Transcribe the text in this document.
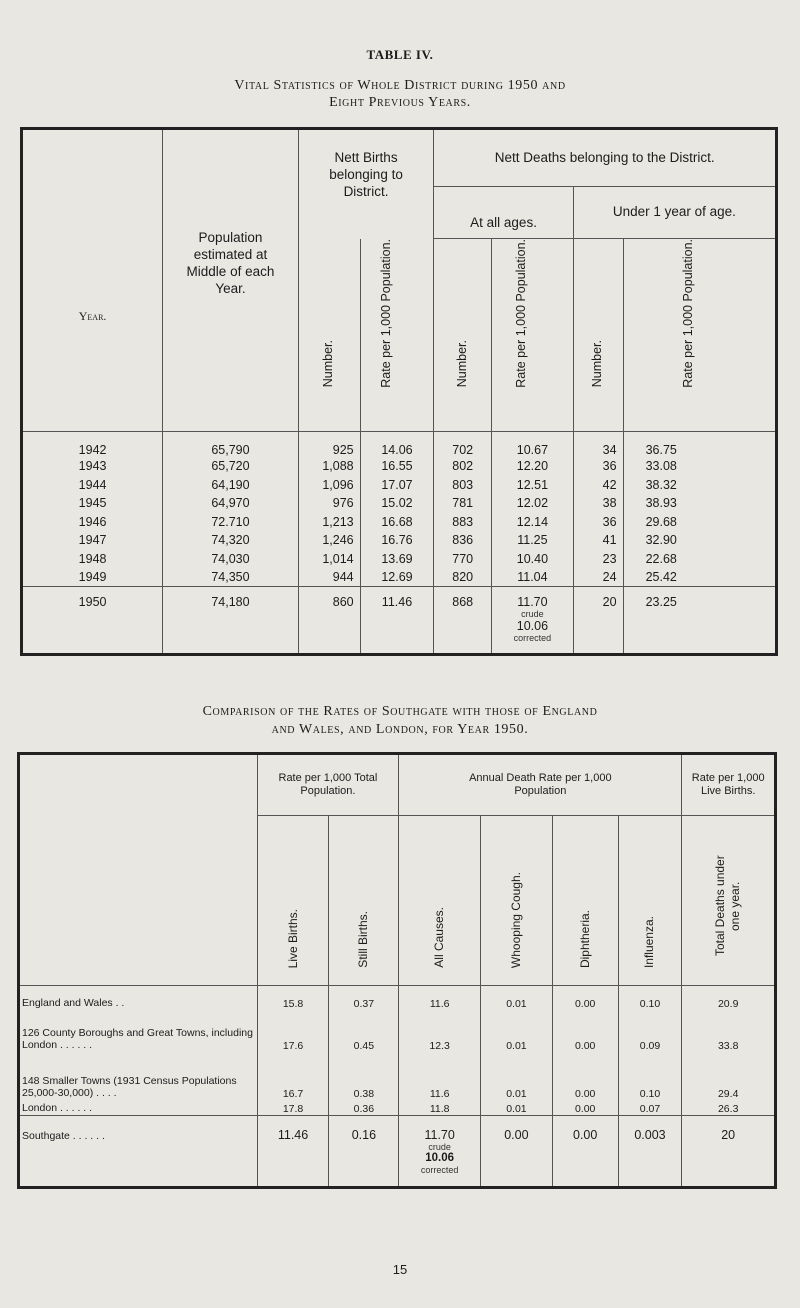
TABLE IV.
Vital Statistics of Whole District during 1950 and
Eight Previous Years.
Year.	Population estimated at Middle of each Year.	Nett Births belonging to District.		Nett Deaths belonging to the District.			
				At all ages.		Under 1 year of age.	
		Number.	Rate per 1,000 Population.	Number.	Rate per 1,000 Population.	Number.	Rate per 1,000 Population.
1942	65,790	925	14.06	702	10.67	34	36.75
1943	65,720	1,088	16.55	802	12.20	36	33.08
1944	64,190	1,096	17.07	803	12.51	42	38.32
1945	64,970	976	15.02	781	12.02	38	38.93
1946	72.710	1,213	16.68	883	12.14	36	29.68
1947	74,320	1,246	16.76	836	11.25	41	32.90
1948	74,030	1,014	13.69	770	10.40	23	22.68
1949	74,350	944	12.69	820	11.04	24	25.42
1950	74,180	860	11.46	868	11.70	20	23.25

					crude
10.06
corrected		

Comparison of the Rates of Southgate with those of England
and Wales, and London, for Year 1950.
	Rate per 1,000 Total Population.		Annual Death Rate per 1,000 Population				Rate per 1,000 Live Births.
	Live Births.	Still Births.	All Causes.	Whooping Cough.	Diphtheria.	Influenza.	Total Deaths under one year.
England and Wales . .	15.8	0.37	11.6	0.01	0.00	0.10	20.9
126 County Boroughs and Great Towns, including London . . . . . .	17.6	0.45	12.3	0.01	0.00	0.09	33.8
148 Smaller Towns (1931 Census Populations 25,000-30,000) . . . .	16.7	0.38	11.6	0.01	0.00	0.10	29.4
London . . . . . .	17.8	0.36	11.8	0.01	0.00	0.07	26.3
Southgate . . . . . .	11.46	0.16	11.70	0.00	0.00	0.003	20

			crude
10.06
corrected				

15
